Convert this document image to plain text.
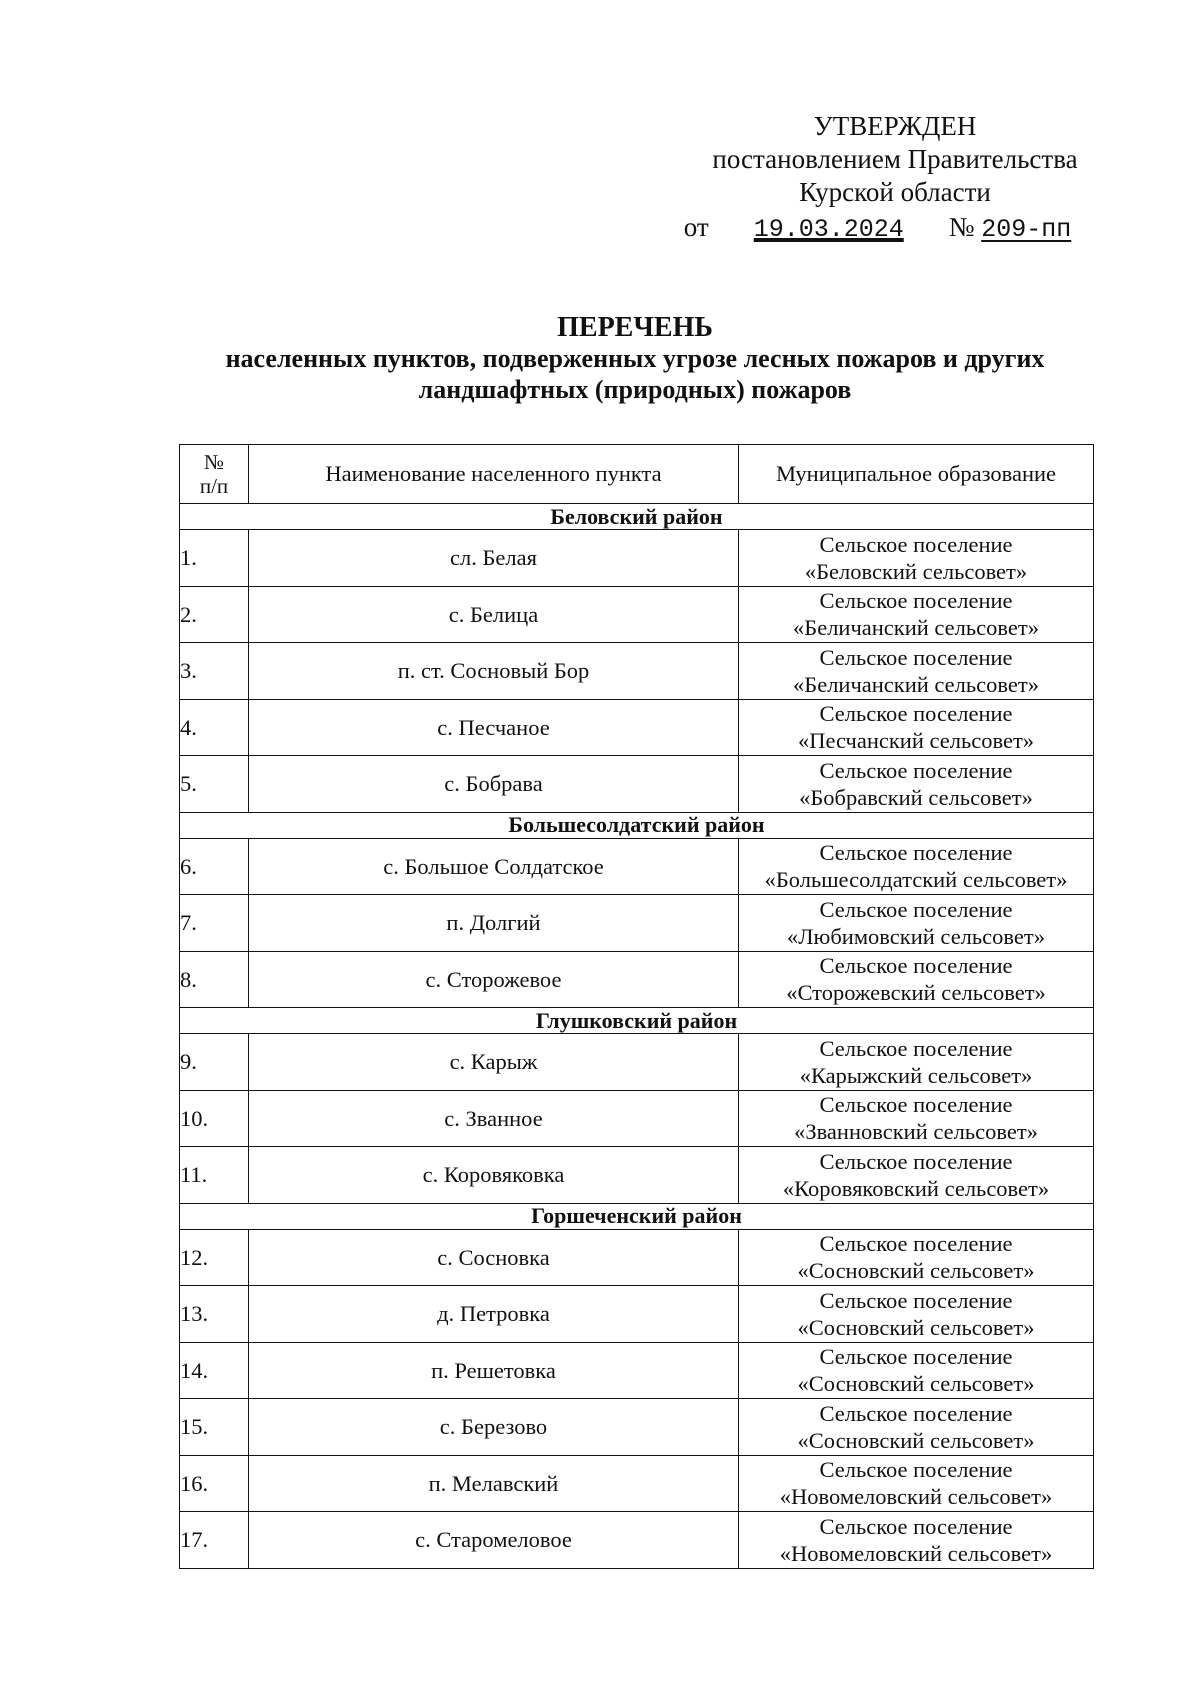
УТВЕРЖДЕН
постановлением Правительства
Курской области
от 19.03.2024 № 209-пп
ПЕРЕЧЕНЬ
населенных пунктов, подверженных угрозе лесных пожаров и других
ландшафтных (природных) пожаров
№
п/п	Наименование населенного пункта	Муниципальное образование
Беловский район		
1.	сл. Белая	Сельское поселение
«Беловский сельсовет»

2.	с. Белица	Сельское поселение
«Беличанский сельсовет»

3.	п. ст. Сосновый Бор	Сельское поселение
«Беличанский сельсовет»

4.	с. Песчаное	Сельское поселение
«Песчанский сельсовет»

5.	с. Бобрава	Сельское поселение
«Бобравский сельсовет»

Большесолдатский район		
6.	с. Большое Солдатское	Сельское поселение
«Большесолдатский сельсовет»

7.	п. Долгий	Сельское поселение
«Любимовский сельсовет»

8.	с. Сторожевое	Сельское поселение
«Сторожевский сельсовет»

Глушковский район		
9.	с. Карыж	Сельское поселение
«Карыжский сельсовет»

10.	с. Званное	Сельское поселение
«Званновский сельсовет»

11.	с. Коровяковка	Сельское поселение
«Коровяковский сельсовет»

Горшеченский район		
12.	с. Сосновка	Сельское поселение
«Сосновский сельсовет»

13.	д. Петровка	Сельское поселение
«Сосновский сельсовет»

14.	п. Решетовка	Сельское поселение
«Сосновский сельсовет»

15.	с. Березово	Сельское поселение
«Сосновский сельсовет»

16.	п. Мелавский	Сельское поселение
«Новомеловский сельсовет»

17.	с. Старомеловое	Сельское поселение
«Новомеловский сельсовет»
